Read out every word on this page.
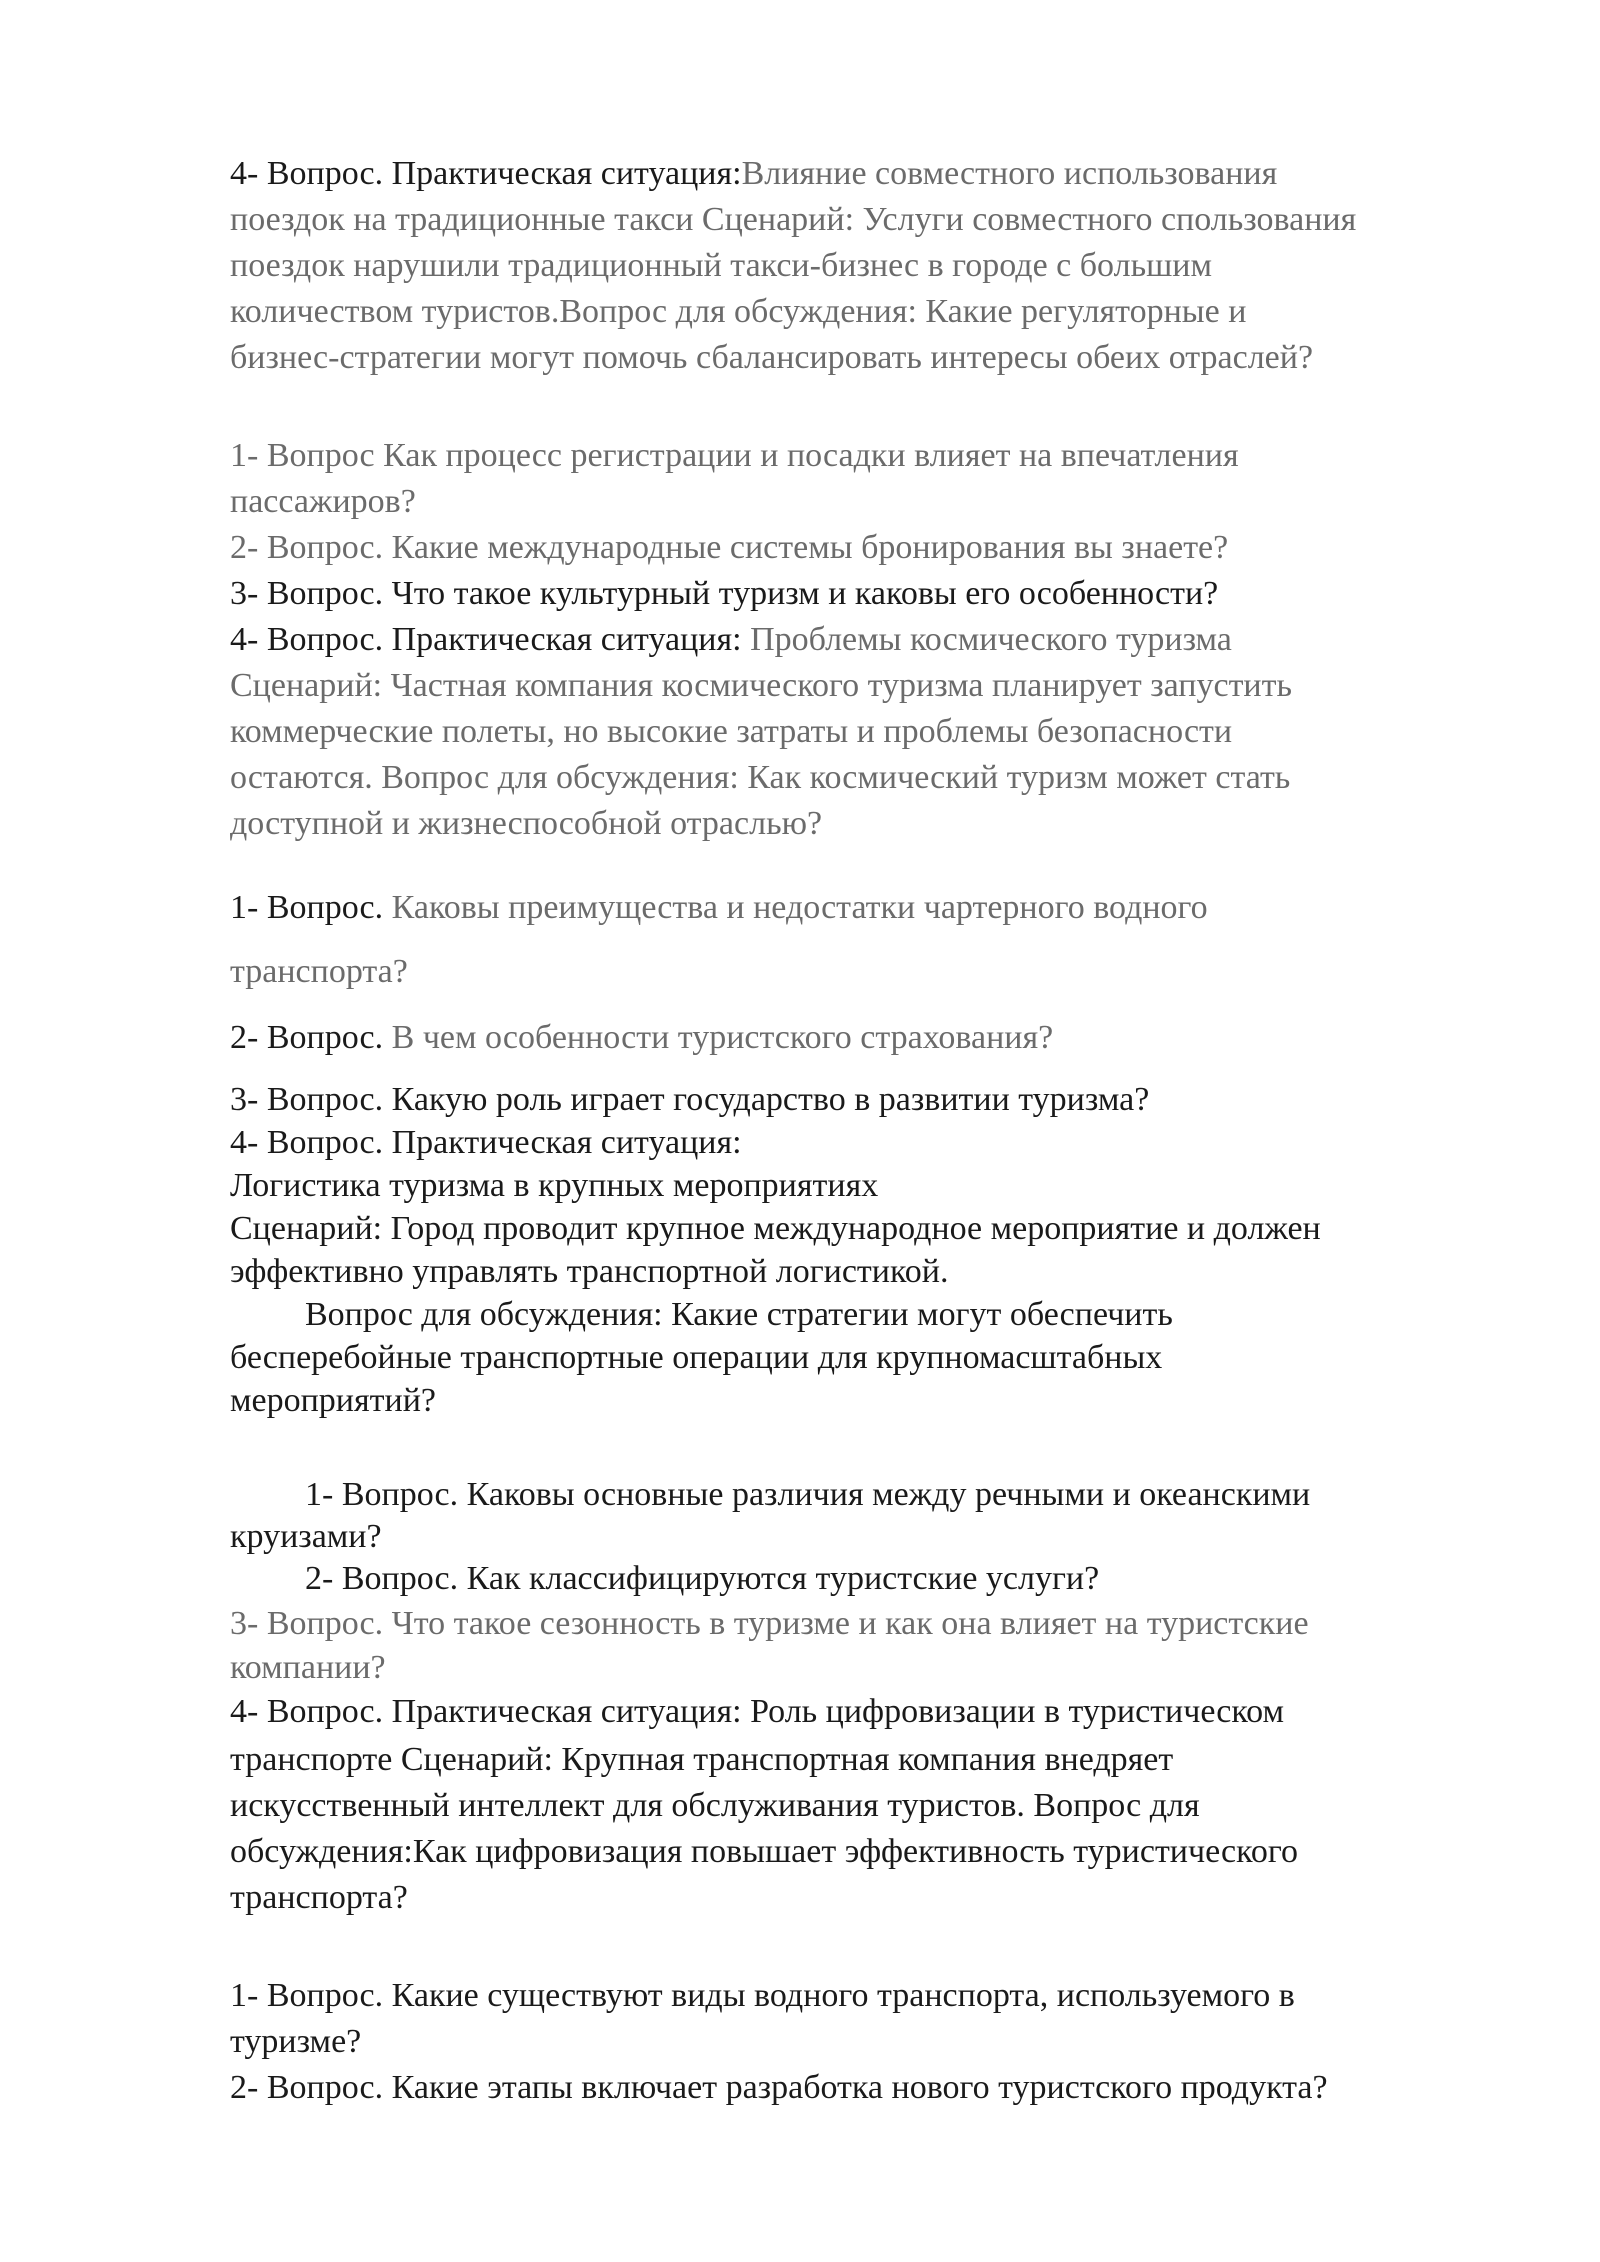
4- Вопрос. Практическая ситуация:Влияние совместного использования
поездок на традиционные такси Сценарий: Услуги совместного спользования
поездок нарушили традиционный такси-бизнес в городе с большим
количеством туристов.Вопрос для обсуждения: Какие регуляторные и
бизнес-стратегии могут помочь сбалансировать интересы обеих отраслей?
1- Вопрос Как процесс регистрации и посадки влияет на впечатления
пассажиров?
2- Вопрос. Какие международные системы бронирования вы знаете?
3- Вопрос. Что такое культурный туризм и каковы его особенности?
4- Вопрос. Практическая ситуация: Проблемы космического туризма
Сценарий: Частная компания космического туризма планирует запустить
коммерческие полеты, но высокие затраты и проблемы безопасности
остаются. Вопрос для обсуждения: Как космический туризм может стать
доступной и жизнеспособной отраслью?
1- Вопрос. Каковы преимущества и недостатки чартерного водного
транспорта?
2- Вопрос. В чем особенности туристского страхования?
3- Вопрос. Какую роль играет государство в развитии туризма?
4- Вопрос. Практическая ситуация:
Логистика туризма в крупных мероприятиях
Сценарий: Город проводит крупное международное мероприятие и должен
эффективно управлять транспортной логистикой.
Вопрос для обсуждения: Какие стратегии могут обеспечить
бесперебойные транспортные операции для крупномасштабных
мероприятий?
1- Вопрос. Каковы основные различия между речными и океанскими
круизами?
2- Вопрос. Как классифицируются туристские услуги?
3- Вопрос. Что такое сезонность в туризме и как она влияет на туристские
компании?
4- Вопрос. Практическая ситуация: Роль цифровизации в туристическом
транспорте Сценарий: Крупная транспортная компания внедряет
искусственный интеллект для обслуживания туристов. Вопрос для
обсуждения:Как цифровизация повышает эффективность туристического
транспорта?
1- Вопрос. Какие существуют виды водного транспорта, используемого в
туризме?
2- Вопрос. Какие этапы включает разработка нового туристского продукта?
